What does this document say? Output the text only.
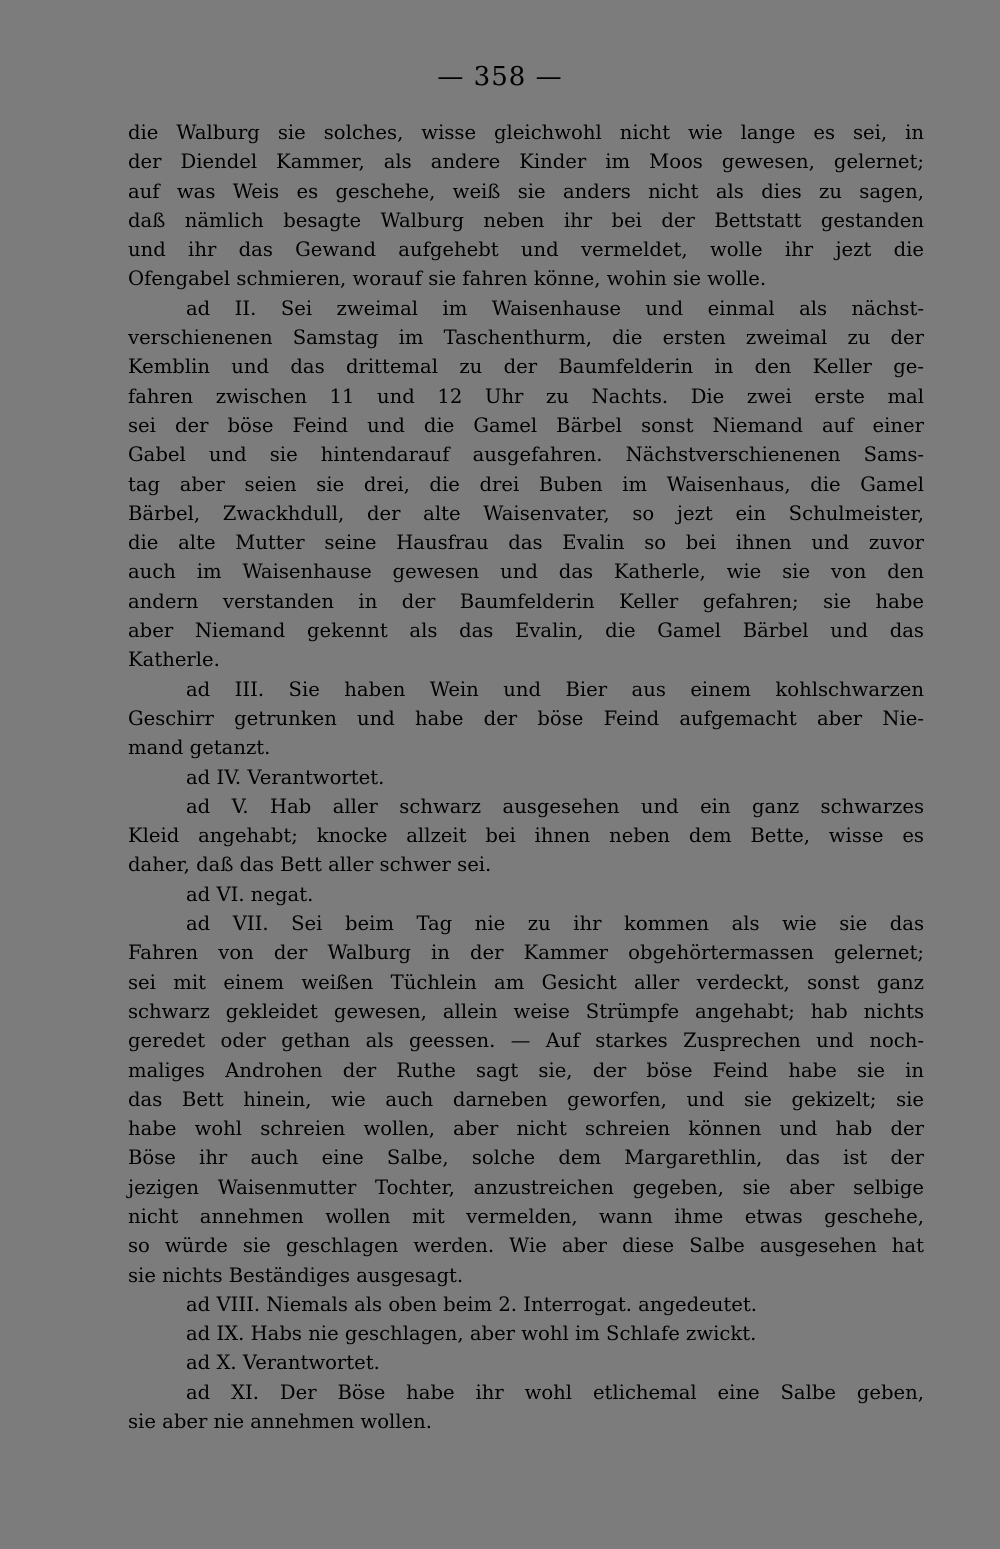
— 358 —

die Walburg sie solches, wisse gleichwohl nicht wie lange es sei, in
der Diendel Kammer, als andere Kinder im Moos gewesen, gelernet;
auf was Weis es geschehe, weiß sie anders nicht als dies zu sagen,
daß nämlich besagte Walburg neben ihr bei der Bettstatt gestanden
und ihr das Gewand aufgehebt und vermeldet, wolle ihr jezt die
Ofengabel schmieren, worauf sie fahren könne, wohin sie wolle.

ad II. Sei zweimal im Waisenhause und einmal als nächst-
verschienenen Samstag im Taschenthurm, die ersten zweimal zu der
Kemblin und das drittemal zu der Baumfelderin in den Keller ge-
fahren zwischen 11 und 12 Uhr zu Nachts. Die zwei erste mal
sei der böse Feind und die Gamel Bärbel sonst Niemand auf einer
Gabel und sie hintendarauf ausgefahren. Nächstverschienenen Sams-
tag aber seien sie drei, die drei Buben im Waisenhaus, die Gamel
Bärbel, Zwackhdull, der alte Waisenvater, so jezt ein Schulmeister,
die alte Mutter seine Hausfrau das Evalin so bei ihnen und zuvor
auch im Waisenhause gewesen und das Katherle, wie sie von den
andern verstanden in der Baumfelderin Keller gefahren; sie habe
aber Niemand gekennt als das Evalin, die Gamel Bärbel und das
Katherle.

ad III. Sie haben Wein und Bier aus einem kohlschwarzen
Geschirr getrunken und habe der böse Feind aufgemacht aber Nie-
mand getanzt.

ad IV. Verantwortet.

ad V. Hab aller schwarz ausgesehen und ein ganz schwarzes
Kleid angehabt; knocke allzeit bei ihnen neben dem Bette, wisse es
daher, daß das Bett aller schwer sei.

ad VI. negat.

ad VII. Sei beim Tag nie zu ihr kommen als wie sie das
Fahren von der Walburg in der Kammer obgehörtermassen gelernet;
sei mit einem weißen Tüchlein am Gesicht aller verdeckt, sonst ganz
schwarz gekleidet gewesen, allein weise Strümpfe angehabt; hab nichts
geredet oder gethan als geessen. — Auf starkes Zusprechen und noch-
maliges Androhen der Ruthe sagt sie, der böse Feind habe sie in
das Bett hinein, wie auch darneben geworfen, und sie gekizelt; sie
habe wohl schreien wollen, aber nicht schreien können und hab der
Böse ihr auch eine Salbe, solche dem Margarethlin, das ist der
jezigen Waisenmutter Tochter, anzustreichen gegeben, sie aber selbige
nicht annehmen wollen mit vermelden, wann ihme etwas geschehe,
so würde sie geschlagen werden. Wie aber diese Salbe ausgesehen hat
sie nichts Beständiges ausgesagt.

ad VIII. Niemals als oben beim 2. Interrogat. angedeutet.

ad IX. Habs nie geschlagen, aber wohl im Schlafe zwickt.

ad X. Verantwortet.

ad XI. Der Böse habe ihr wohl etlichemal eine Salbe geben,
sie aber nie annehmen wollen.
